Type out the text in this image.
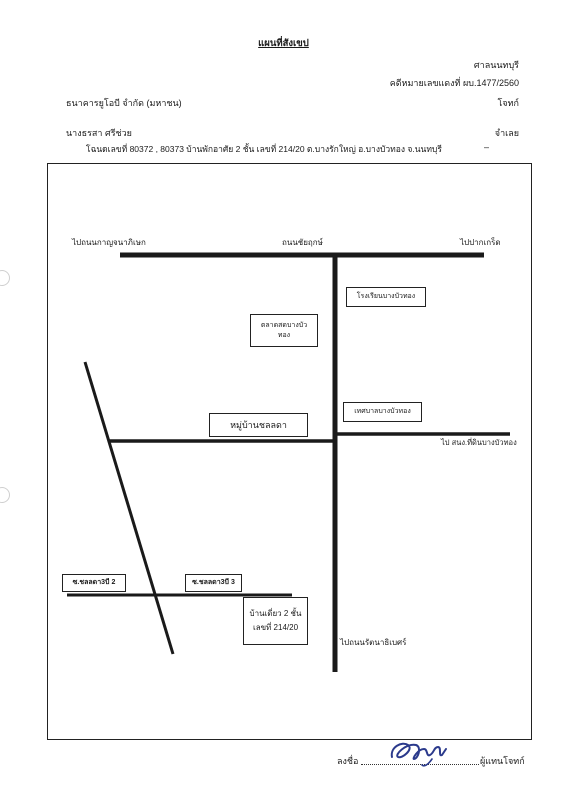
แผนที่สังเขป
ศาลนนทบุรี
คดีหมายเลขแดงที่ ผบ.1477/2560
ธนาคารยูโอบี จำกัด (มหาชน)	โจทก์
นางธรสา ศรีช่วย	จำเลย
โฉนดเลขที่ 80372 , 80373 บ้านพักอาศัย 2 ชั้น เลขที่ 214/20 ต.บางรักใหญ่ อ.บางบัวทอง จ.นนทบุรี	–
ไปถนนกาญจนาภิเษก	ถนนชัยฤกษ์	ไปปากเกร็ด
โรงเรียนบางบัวทอง
ตลาดสดบางบัว
ทอง
เทศบาลบางบัวทอง
หมู่บ้านชลลดา
ไป สนง.ที่ดินบางบัวทอง
ซ.ชลลดา3บี 2	ซ.ชลลดา3บี 3
บ้านเดี่ยว 2 ชั้น
เลขที่ 214/20
ไปถนนรัตนาธิเบศร์
ลงชื่อ	ผู้แทนโจทก์
